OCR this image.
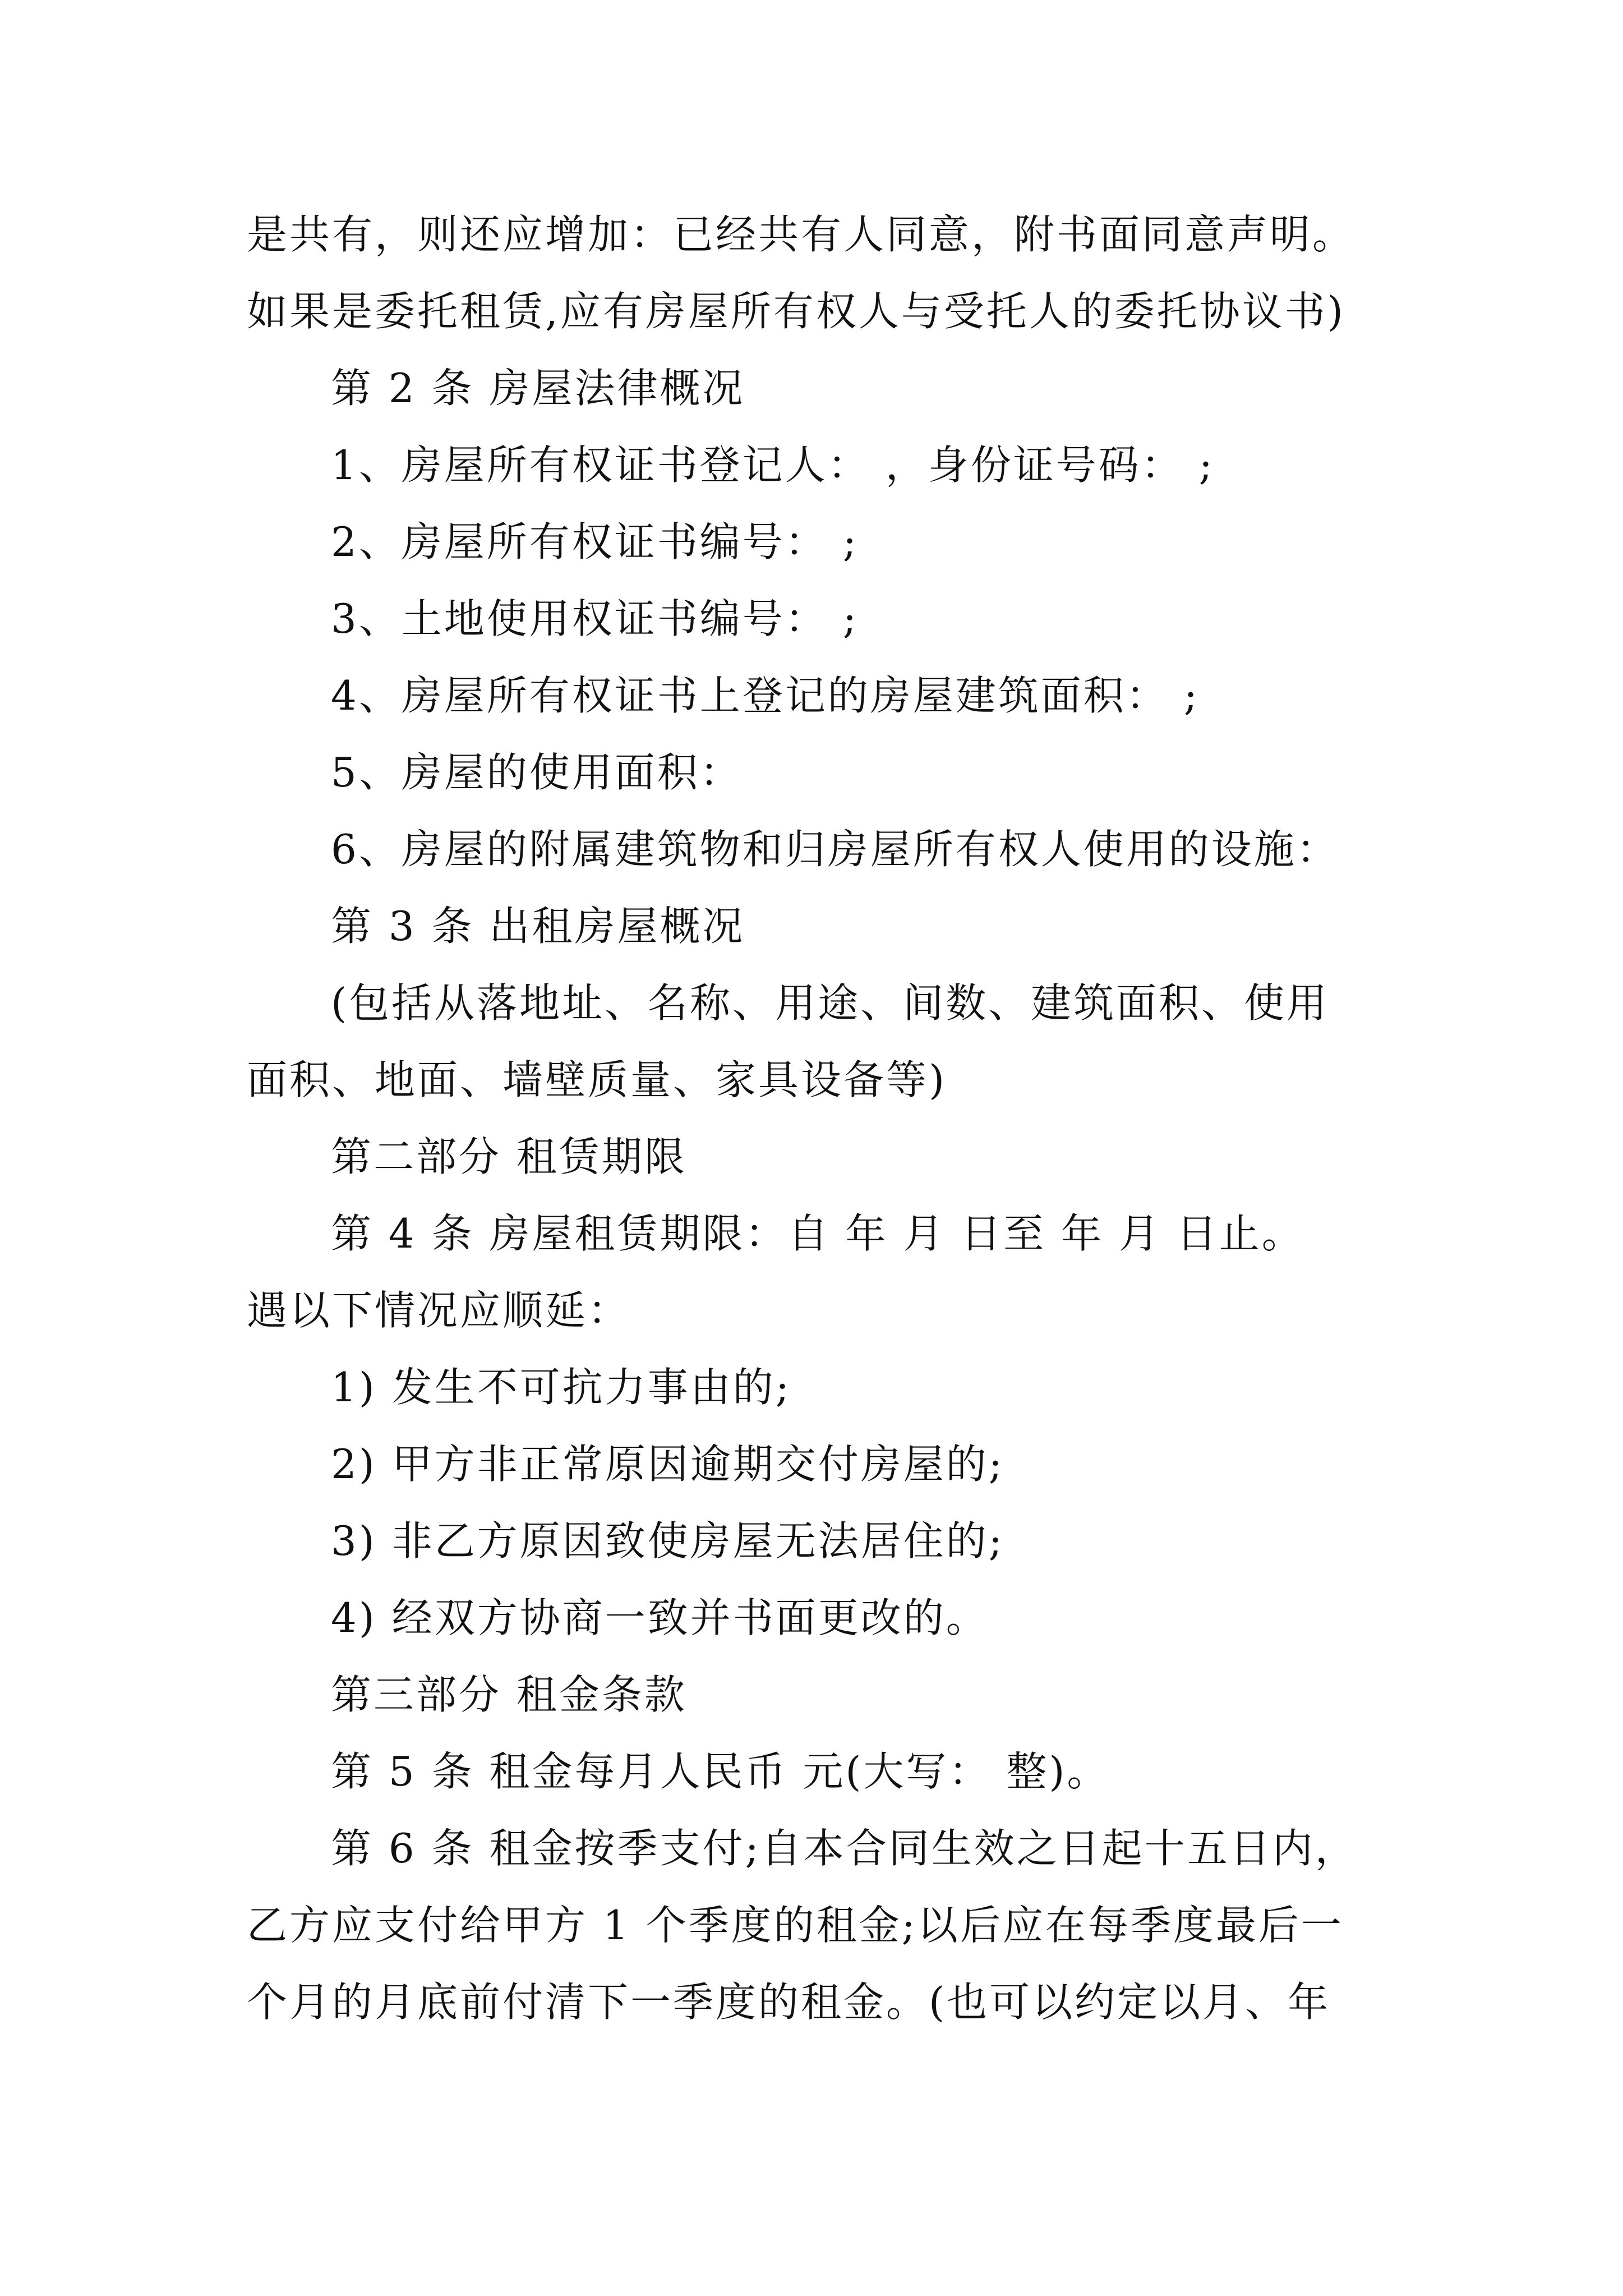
是共有，则还应增加：已经共有人同意，附书面同意声明。
如果是委托租赁,应有房屋所有权人与受托人的委托协议书)
第 2 条 房屋法律概况
1、房屋所有权证书登记人： ，身份证号码： ;
2、房屋所有权证书编号： ;
3、土地使用权证书编号： ;
4、房屋所有权证书上登记的房屋建筑面积： ;
5、房屋的使用面积：
6、房屋的附属建筑物和归房屋所有权人使用的设施：
第 3 条 出租房屋概况
(包括从落地址、名称、用途、间数、建筑面积、使用
面积、地面、墙壁质量、家具设备等)
第二部分 租赁期限
第 4 条 房屋租赁期限：自 年 月 日至 年 月 日止。
遇以下情况应顺延：
1) 发生不可抗力事由的;
2) 甲方非正常原因逾期交付房屋的;
3) 非乙方原因致使房屋无法居住的;
4) 经双方协商一致并书面更改的。
第三部分 租金条款
第 5 条 租金每月人民币 元(大写： 整)。
第 6 条 租金按季支付;自本合同生效之日起十五日内，
乙方应支付给甲方 1 个季度的租金;以后应在每季度最后一
个月的月底前付清下一季度的租金。(也可以约定以月、年
